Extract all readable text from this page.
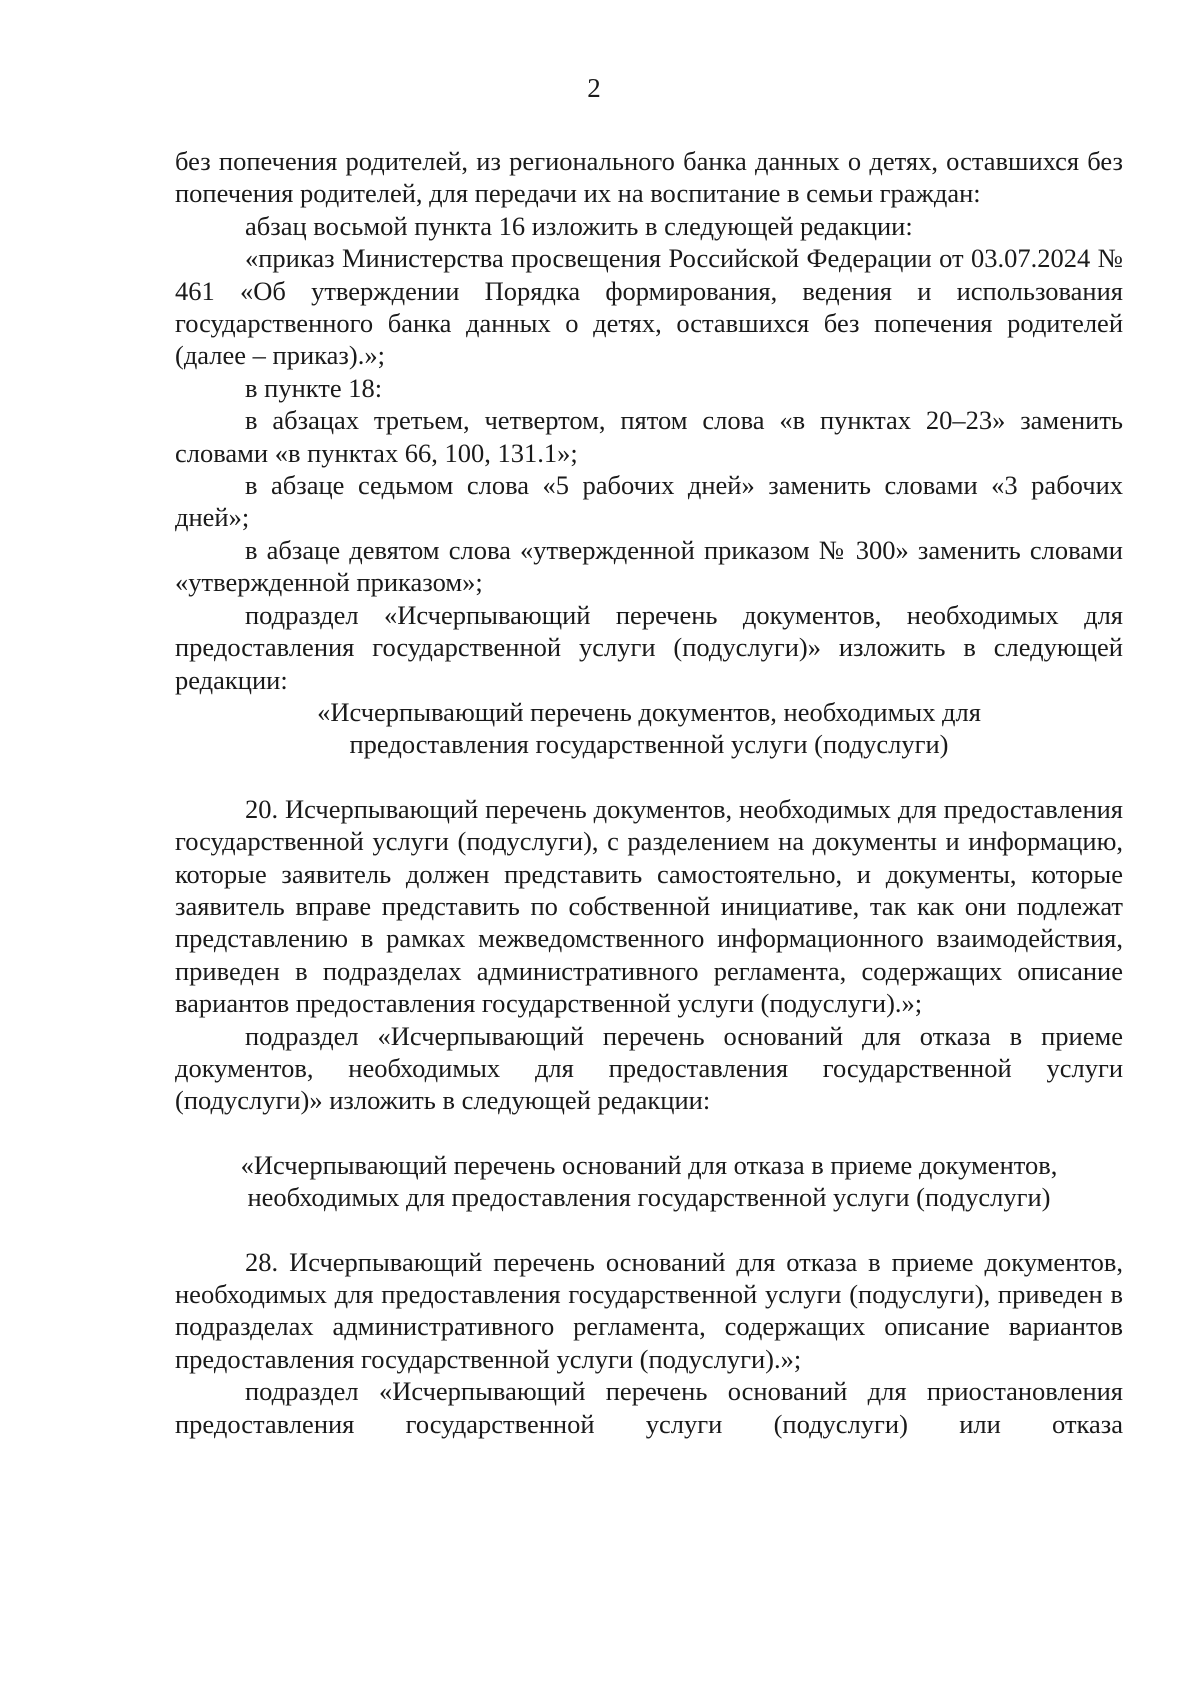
2

без попечения родителей, из регионального банка данных о детях, оставшихся без попечения родителей, для передачи их на воспитание в семьи граждан:

абзац восьмой пункта 16 изложить в следующей редакции:

«приказ Министерства просвещения Российской Федерации от 03.07.2024 № 461 «Об утверждении Порядка формирования, ведения и использования государственного банка данных о детях, оставшихся без попечения родителей (далее – приказ).»;

в пункте 18:

в абзацах третьем, четвертом, пятом слова «в пунктах 20–23» заменить словами «в пунктах 66, 100, 131.1»;

в абзаце седьмом слова «5 рабочих дней» заменить словами «3 рабочих дней»;

в абзаце девятом слова «утвержденной приказом № 300» заменить словами «утвержденной приказом»;

подраздел «Исчерпывающий перечень документов, необходимых для предоставления государственной услуги (подуслуги)» изложить в следующей редакции:

«Исчерпывающий перечень документов, необходимых для предоставления государственной услуги (подуслуги)

20. Исчерпывающий перечень документов, необходимых для предоставления государственной услуги (подуслуги), с разделением на документы и информацию, которые заявитель должен представить самостоятельно, и документы, которые заявитель вправе представить по собственной инициативе, так как они подлежат представлению в рамках межведомственного информационного взаимодействия, приведен в подразделах административного регламента, содержащих описание вариантов предоставления государственной услуги (подуслуги).»;

подраздел «Исчерпывающий перечень оснований для отказа в приеме документов, необходимых для предоставления государственной услуги (подуслуги)» изложить в следующей редакции:

«Исчерпывающий перечень оснований для отказа в приеме документов, необходимых для предоставления государственной услуги (подуслуги)

28. Исчерпывающий перечень оснований для отказа в приеме документов, необходимых для предоставления государственной услуги (подуслуги), приведен в подразделах административного регламента, содержащих описание вариантов предоставления государственной услуги (подуслуги).»;

подраздел «Исчерпывающий перечень оснований для приостановления предоставления государственной услуги (подуслуги) или отказа
